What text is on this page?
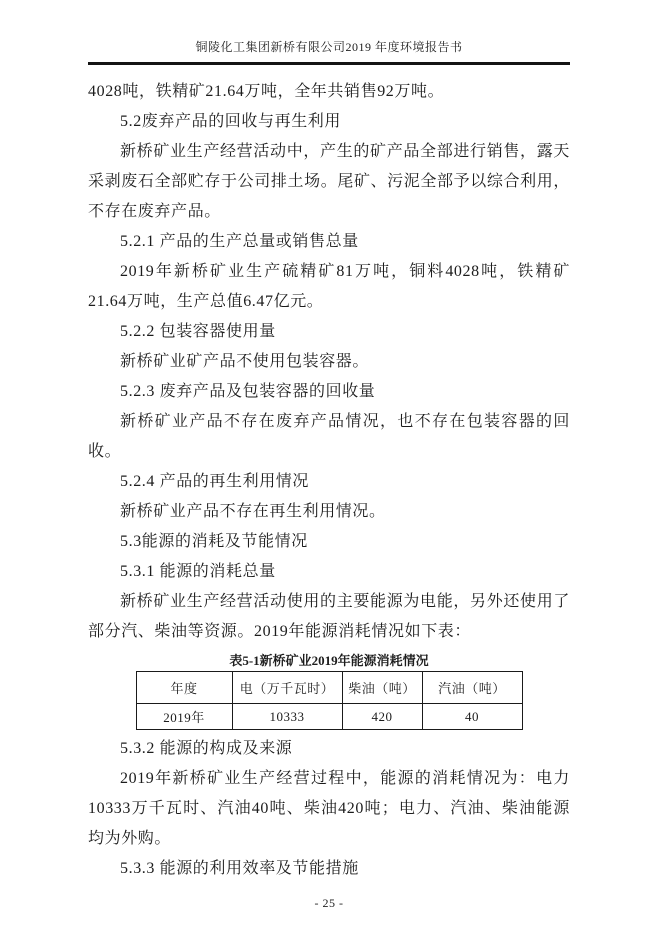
铜陵化工集团新桥有限公司2019 年度环境报告书

4028吨，铁精矿21.64万吨，全年共销售92万吨。

5.2废弃产品的回收与再生利用

新桥矿业生产经营活动中，产生的矿产品全部进行销售，露天采剥废石全部贮存于公司排土场。尾矿、污泥全部予以综合利用，不存在废弃产品。

5.2.1 产品的生产总量或销售总量

2019年新桥矿业生产硫精矿81万吨，铜料4028吨，铁精矿21.64万吨，生产总值6.47亿元。

5.2.2 包装容器使用量

新桥矿业矿产品不使用包装容器。

5.2.3 废弃产品及包装容器的回收量

新桥矿业产品不存在废弃产品情况，也不存在包装容器的回收。

5.2.4 产品的再生利用情况

新桥矿业产品不存在再生利用情况。

5.3能源的消耗及节能情况

5.3.1 能源的消耗总量

新桥矿业生产经营活动使用的主要能源为电能，另外还使用了部分汽、柴油等资源。2019年能源消耗情况如下表：

表5-1新桥矿业2019年能源消耗情况
年度	电（万千瓦时）	柴油（吨）	汽油（吨）
2019年	10333	420	40

5.3.2 能源的构成及来源

2019年新桥矿业生产经营过程中，能源的消耗情况为：电力10333万千瓦时、汽油40吨、柴油420吨；电力、汽油、柴油能源均为外购。

5.3.3 能源的利用效率及节能措施

- 25 -
